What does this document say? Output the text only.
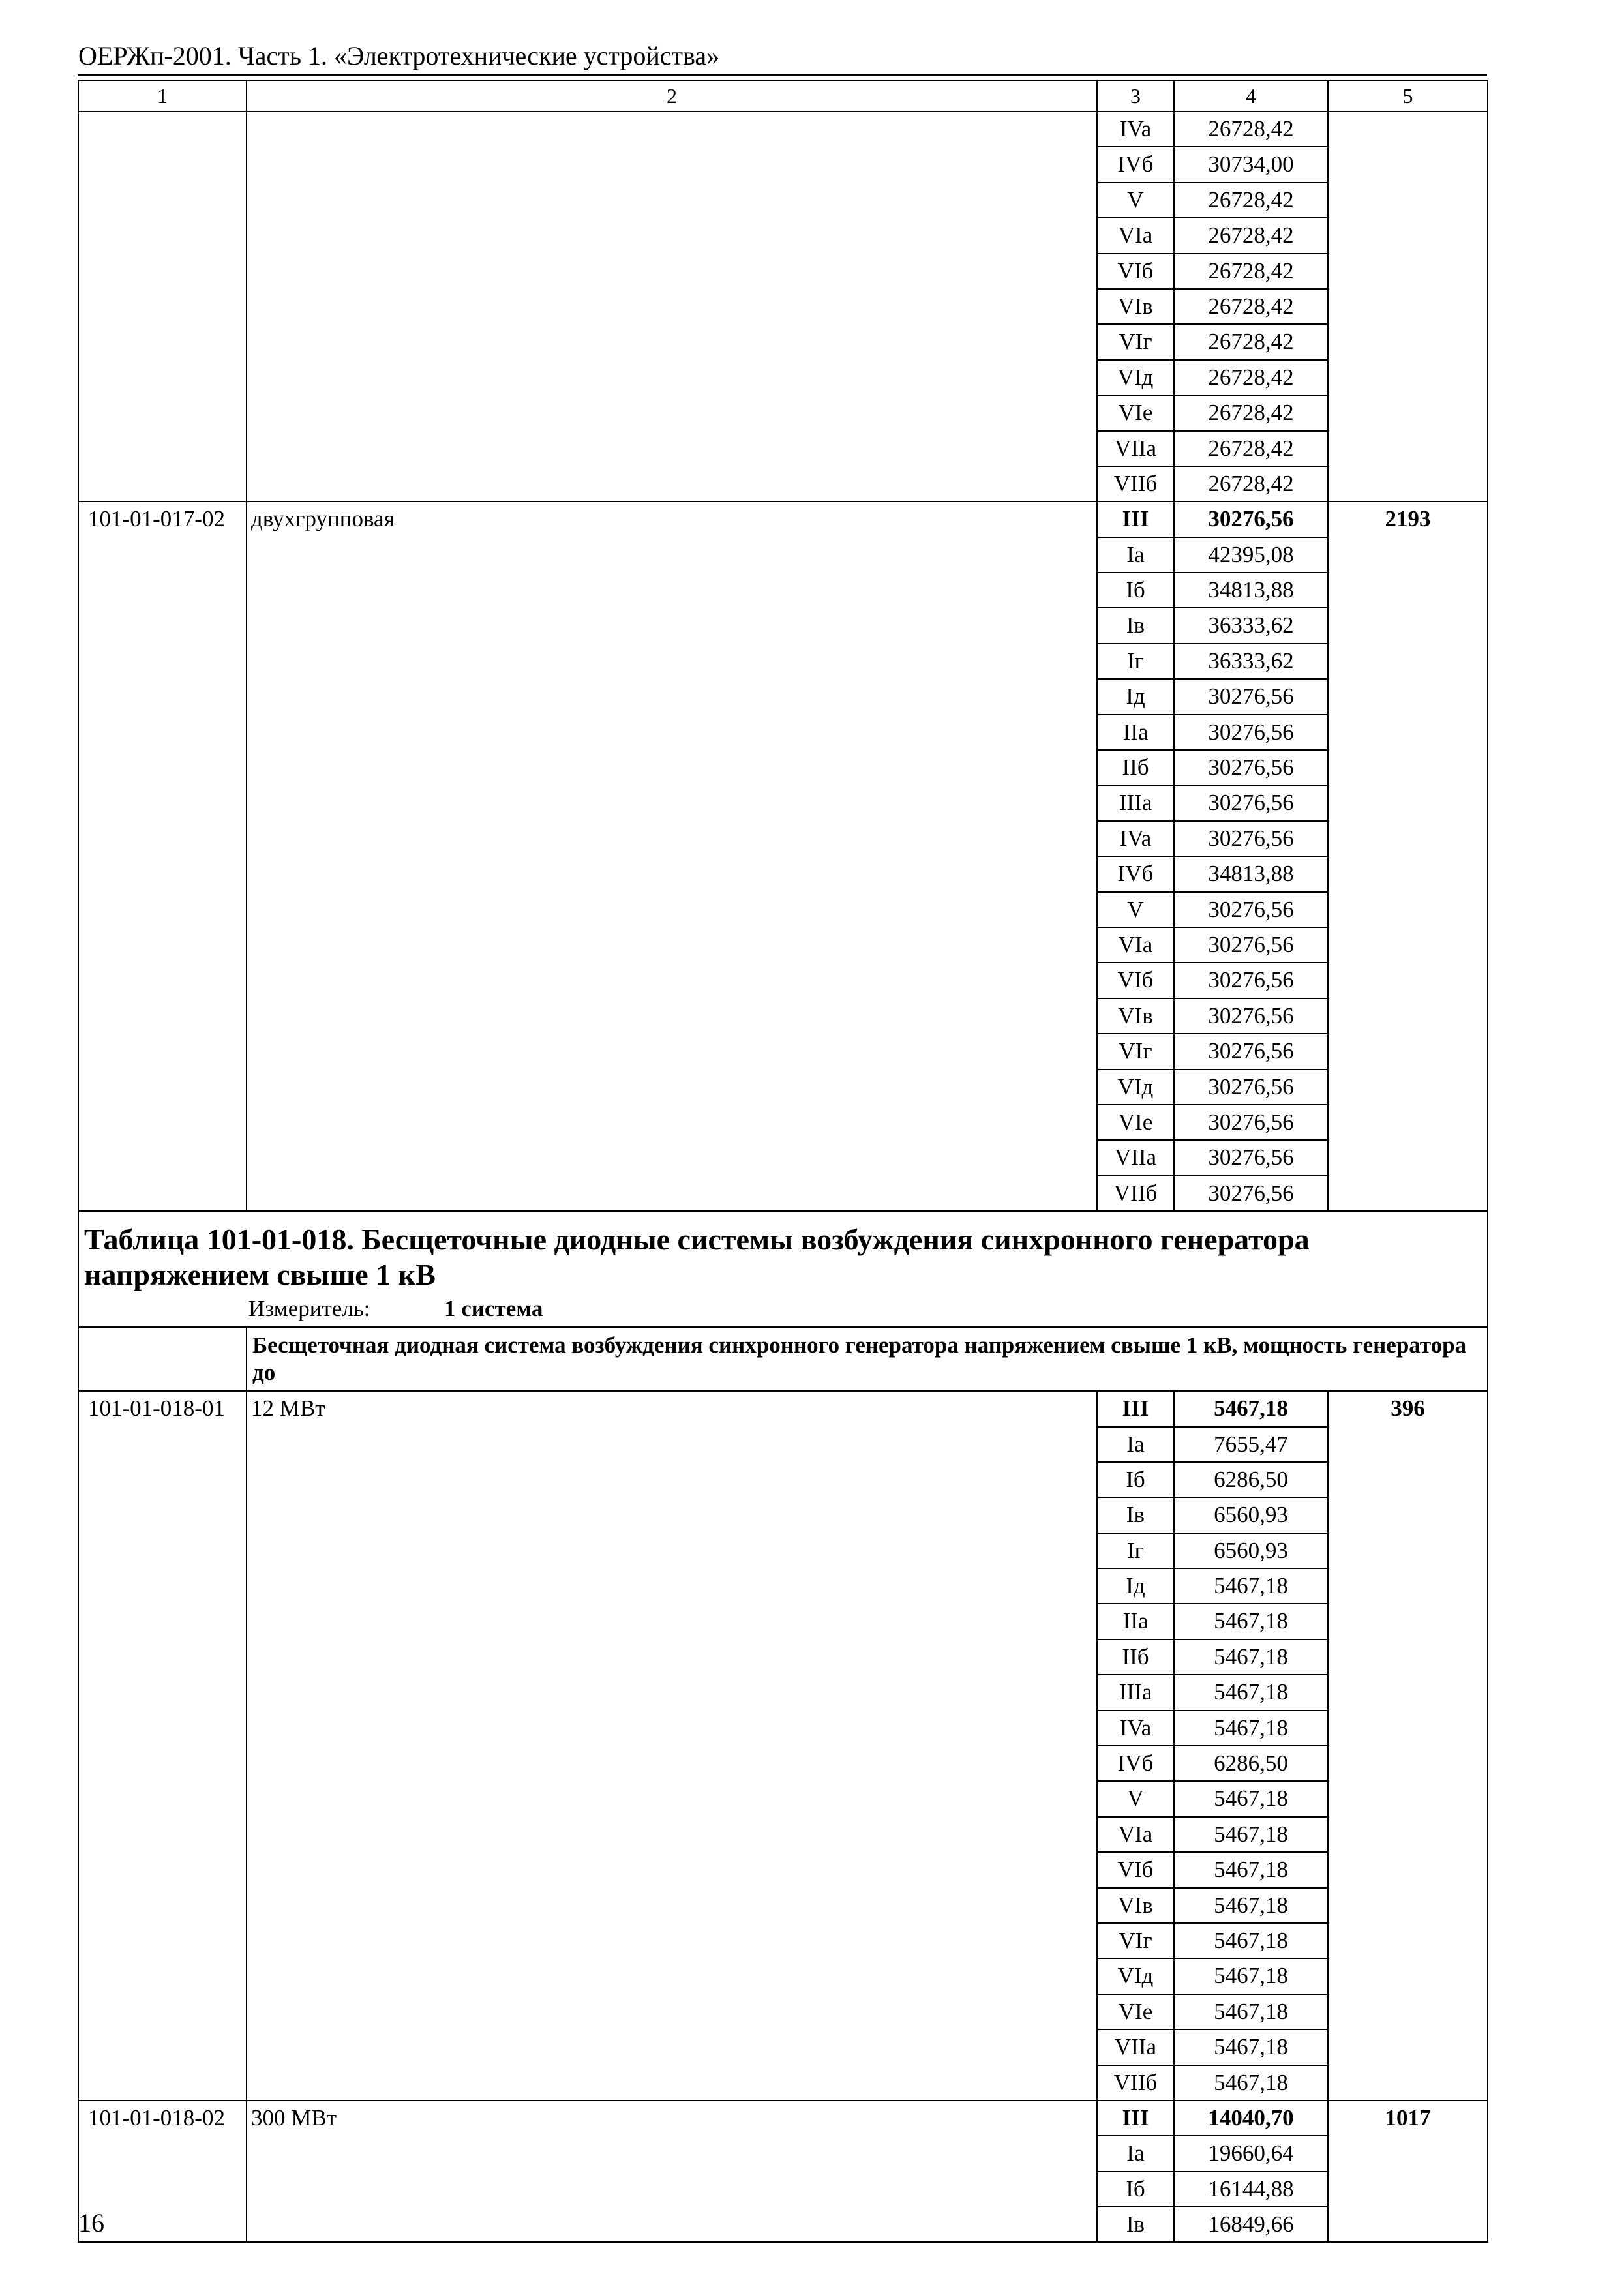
ОЕРЖп-2001. Часть 1. «Электротехнические устройства»
1	2	3	4	5
		IVa	26728,42	
		IVб	30734,00	
		V	26728,42	
		VIa	26728,42	
		VIб	26728,42	
		VIв	26728,42	
		VIг	26728,42	
		VIд	26728,42	
		VIe	26728,42	
		VIIa	26728,42	
		VIIб	26728,42	
101-01-017-02	двухгрупповая	III	30276,56	2193
		Ia	42395,08	
		Iб	34813,88	
		Iв	36333,62	
		Iг	36333,62	
		Iд	30276,56	
		IIa	30276,56	
		IIб	30276,56	
		IIIa	30276,56	
		IVa	30276,56	
		IVб	34813,88	
		V	30276,56	
		VIa	30276,56	
		VIб	30276,56	
		VIв	30276,56	
		VIг	30276,56	
		VIд	30276,56	
		VIe	30276,56	
		VIIa	30276,56	
		VIIб	30276,56	
Таблица 101-01-018. Бесщеточные диодные системы возбуждения синхронного генератора напряжением свыше 1 кВ				
Измеритель: 1 система				
	Бесщеточная диодная система возбуждения синхронного генератора напряжением свыше 1 кВ, мощность генератора до			
101-01-018-01	12 МВт	III	5467,18	396
		Ia	7655,47	
		Iб	6286,50	
		Iв	6560,93	
		Iг	6560,93	
		Iд	5467,18	
		IIa	5467,18	
		IIб	5467,18	
		IIIa	5467,18	
		IVa	5467,18	
		IVб	6286,50	
		V	5467,18	
		VIa	5467,18	
		VIб	5467,18	
		VIв	5467,18	
		VIг	5467,18	
		VIд	5467,18	
		VIe	5467,18	
		VIIa	5467,18	
		VIIб	5467,18	
101-01-018-02	300 МВт	III	14040,70	1017
		Ia	19660,64	
		Iб	16144,88	
		Iв	16849,66	
16
